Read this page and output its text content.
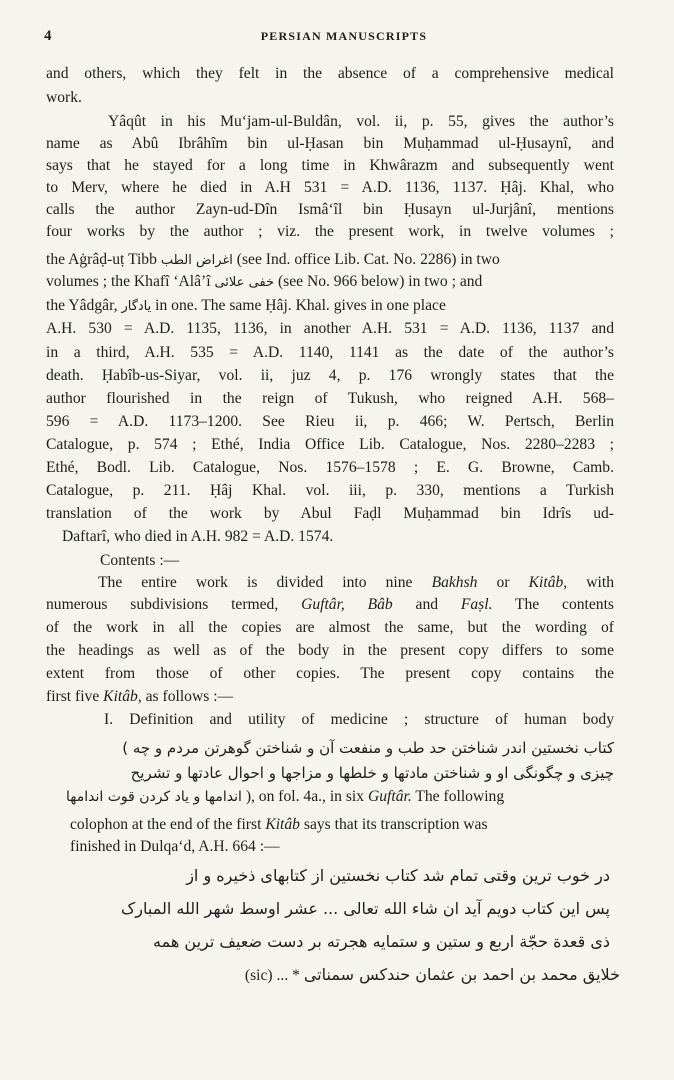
4	PERSIAN MANUSCRIPTS
and others, which they felt in the absence of a comprehensive medical
work.
Yâqût in his Mu‘jam-ul-Buldân, vol. ii, p. 55, gives the author’s
name as Abû Ibrâhîm bin ul-Ḥasan bin Muḥammad ul-Ḥusaynî, and
says that he stayed for a long time in Khwârazm and subsequently went
to Merv, where he died in A.H 531 = A.D. 1136, 1137. Ḥâj. Khal, who
calls the author Zayn-ud-Dîn Ismâ‘îl bin Ḥusayn ul-Jurjânî, mentions
four works by the author ; viz. the present work, in twelve volumes ;
the Aġrâḍ-uṭ Tibb اغراض الطب (see Ind. office Lib. Cat. No. 2286) in two
volumes ; the Khafî ‘Alâ’î خفی علائی (see No. 966 below) in two ; and
the Yâdgâr, یادگار in one. The same Ḥâj. Khal. gives in one place
A.H. 530 = A.D. 1135, 1136, in another A.H. 531 = A.D. 1136, 1137 and
in a third, A.H. 535 = A.D. 1140, 1141 as the date of the author’s
death. Ḥabîb-us-Siyar, vol. ii, juz 4, p. 176 wrongly states that the
author flourished in the reign of Tukush, who reigned A.H. 568–
596 = A.D. 1173–1200. See Rieu ii, p. 466; W. Pertsch, Berlin
Catalogue, p. 574 ; Ethé, India Office Lib. Catalogue, Nos. 2280–2283 ;
Ethé, Bodl. Lib. Catalogue, Nos. 1576–1578 ; E. G. Browne, Camb.
Catalogue, p. 211. Ḥâj Khal. vol. iii, p. 330, mentions a Turkish
translation of the work by Abul Faḍl Muḥammad bin Idrîs ud-
Daftarî, who died in A.H. 982 = A.D. 1574.
Contents :—
The entire work is divided into nine Bakhsh or Kitâb, with
numerous subdivisions termed, Guftâr, Bâb and Faṣl. The contents
of the work in all the copies are almost the same, but the wording of
the headings as well as of the body in the present copy differs to some
extent from those of other copies. The present copy contains the
first five Kitâb, as follows :—
I. Definition and utility of medicine ; structure of human body
کتاب نخستین اندر شناختن حد طب و منفعت آن و شناختن گوهرتن مردم و چه )
چیزی و چگونگی او و شناختن مادتها و خلطها و مزاجها و احوال عادتها و تشریح
اندامها و یاد کردن قوت اندامها ), on fol. 4a., in six Guftâr. The following
colophon at the end of the first Kitâb says that its transcription was
finished in Dulqa‘d, A.H. 664 :—
در خوب ترین وقتی تمام شد کتاب نخستین از کتابهای ذخیره و از
پس این کتاب دویم آید ان شاء الله تعالی ... عشر اوسط شهر الله المبارک
ذی قعدة حجّة اربع و ستین و ستمایه هجرته بر دست ضعیف ترین همه
(sic) ... * خلایق محمد بن احمد بن عثمان حندکس سمناتی
